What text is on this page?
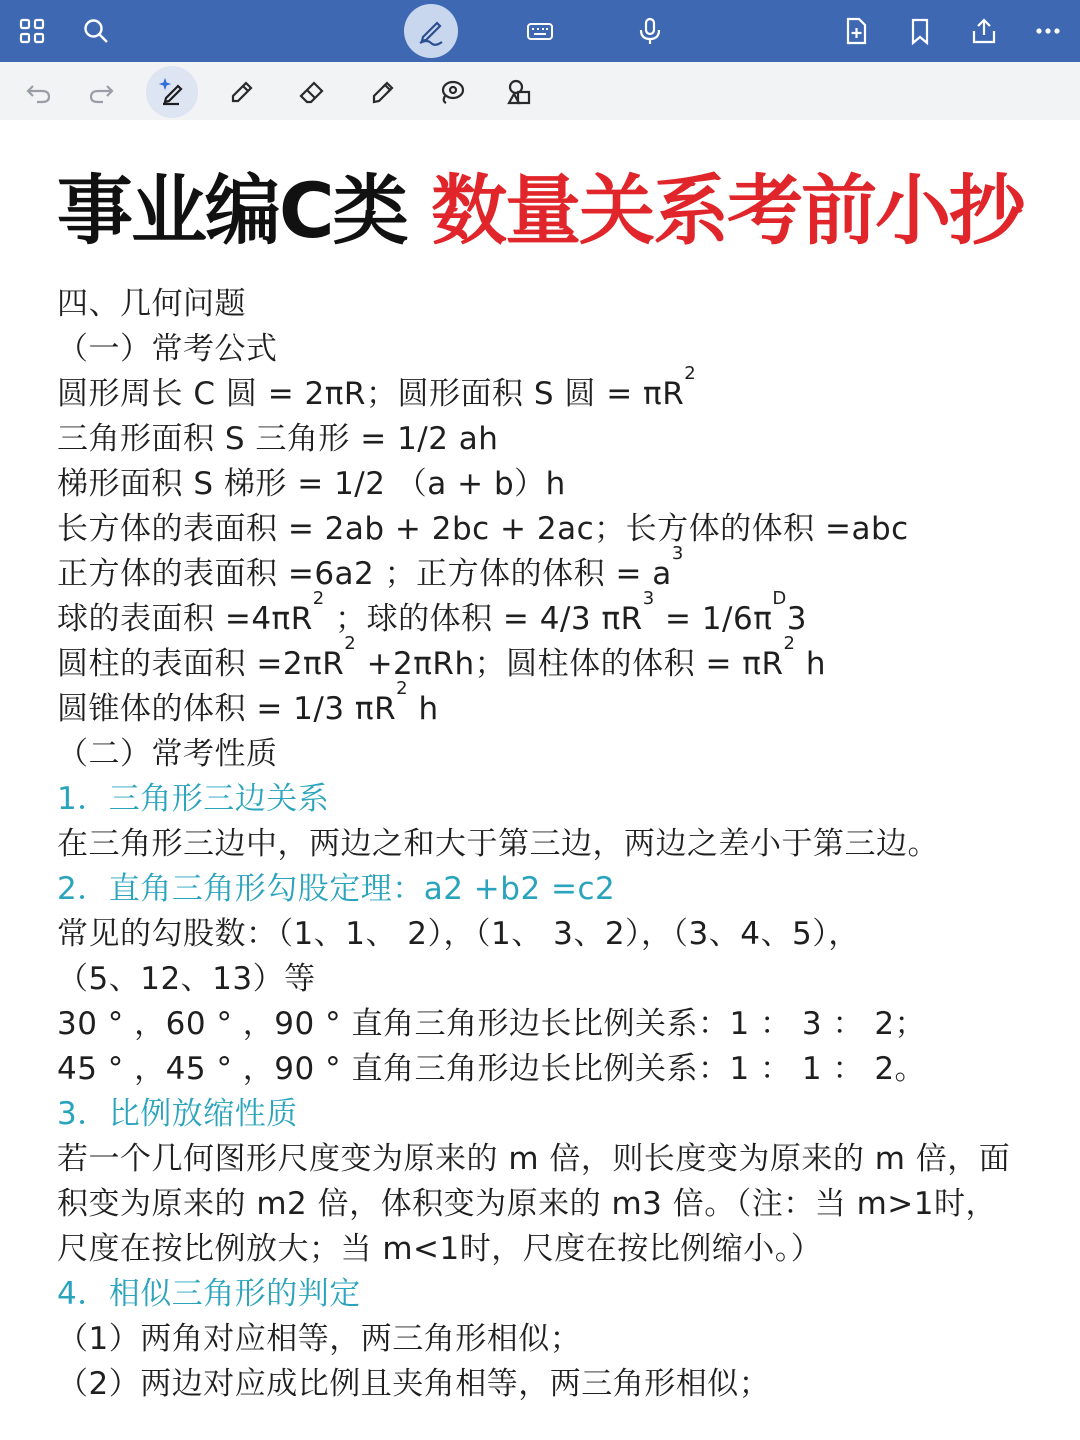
事业编C类 数量关系考前小抄
四、几何问题
（一）常考公式
圆形周长 C 圆 = 2πR；圆形面积 S 圆 = $\pi R^2$
三角形面积 S 三角形 = 1/2 ah
梯形面积 S 梯形 = 1/2 （a + b）h
长方体的表面积 = 2ab + 2bc + 2ac；长方体的体积 =abc
正方体的表面积 =6a2 ；正方体的体积 = $a^3$
球的表面积 $=4\pi R^2$ ；球的体积 = 4/3 $\pi R^3 = 1/6\pi^D3$
圆柱的表面积 $=2\pi R^2 +2\pi Rh$；圆柱体的体积 = $\pi R^2$ h
圆锥体的体积 = 1/3 $\pi R^2$ h
（二）常考性质
1．三角形三边关系
在三角形三边中，两边之和大于第三边，两边之差小于第三边。
2．直角三角形勾股定理：a2 +b2 =c2
常见的勾股数：（1、1、 2），（1、 3、2），（3、4、5），
（5、12、13）等
30 ° ，60 ° ，90 ° 直角三角形边长比例关系：1 ： 3 ： 2；
45 ° ，45 ° ，90 ° 直角三角形边长比例关系：1 ： 1 ： 2。
3．比例放缩性质
若一个几何图形尺度变为原来的 m 倍，则长度变为原来的 m 倍，面
积变为原来的 m2 倍，体积变为原来的 m3 倍。（注：当 m>1时，
尺度在按比例放大；当 m<1时，尺度在按比例缩小。）
4．相似三角形的判定
（1）两角对应相等，两三角形相似；
（2）两边对应成比例且夹角相等，两三角形相似；
